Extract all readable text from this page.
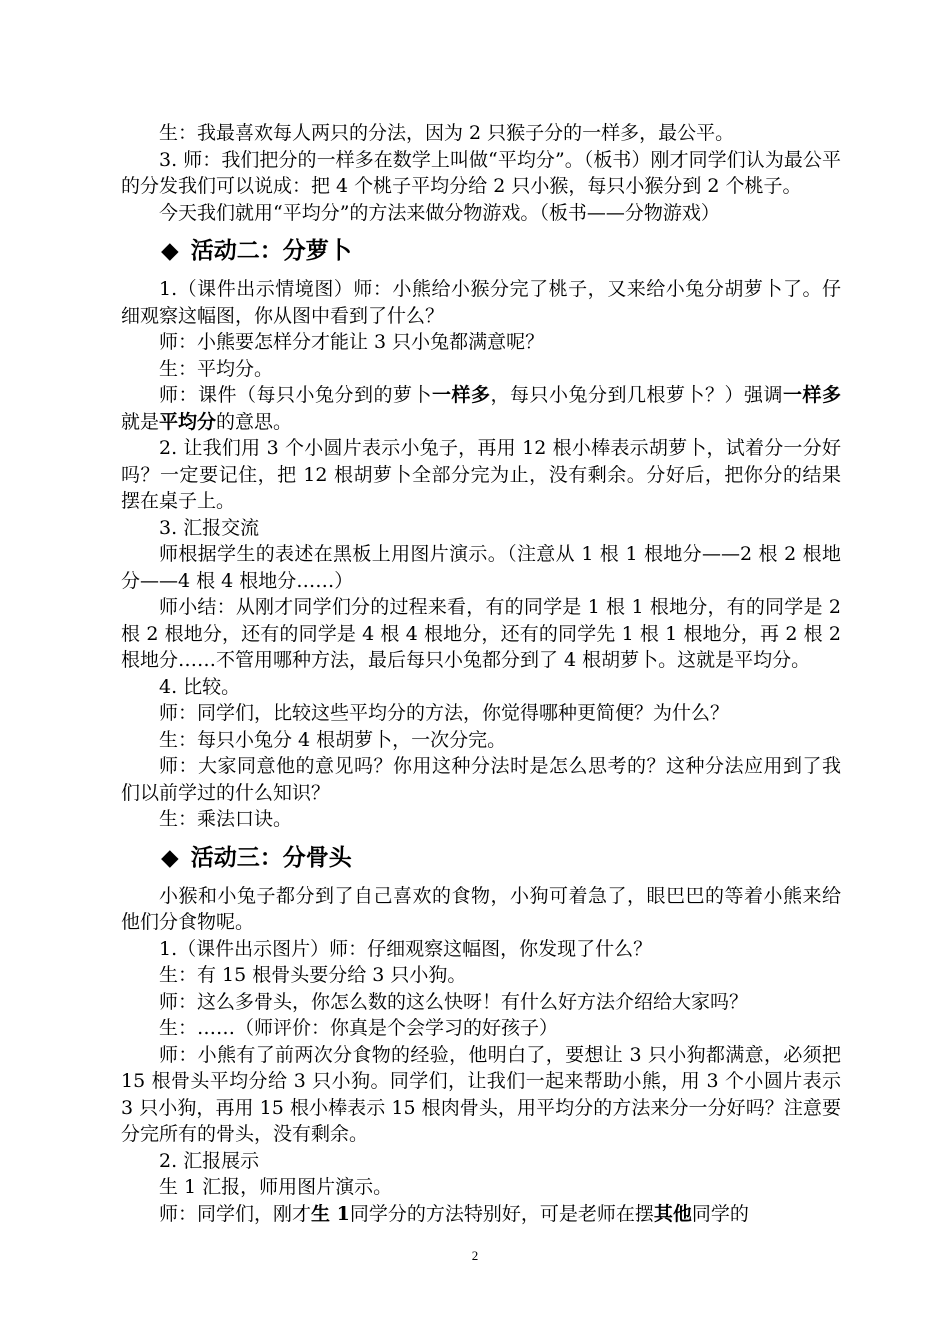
生：我最喜欢每人两只的分法，因为 2 只猴子分的一样多，最公平。

3. 师：我们把分的一样多在数学上叫做“平均分”。（板书）刚才同学们认为最公平的分发我们可以说成：把 4 个桃子平均分给 2 只小猴，每只小猴分到 2 个桃子。

今天我们就用“平均分”的方法来做分物游戏。（板书——分物游戏）

◆ 活动二：分萝卜

1.（课件出示情境图）师：小熊给小猴分完了桃子，又来给小兔分胡萝卜了。仔细观察这幅图，你从图中看到了什么？

师：小熊要怎样分才能让 3 只小兔都满意呢？

生：平均分。

师：课件（每只小兔分到的萝卜一样多，每只小兔分到几根萝卜？）强调一样多就是平均分的意思。

2. 让我们用 3 个小圆片表示小兔子，再用 12 根小棒表示胡萝卜，试着分一分好吗？一定要记住，把 12 根胡萝卜全部分完为止，没有剩余。分好后，把你分的结果摆在桌子上。

3. 汇报交流

师根据学生的表述在黑板上用图片演示。（注意从 1 根 1 根地分——2 根 2 根地分——4 根 4 根地分……）

师小结：从刚才同学们分的过程来看，有的同学是 1 根 1 根地分，有的同学是 2 根 2 根地分，还有的同学是 4 根 4 根地分，还有的同学先 1 根 1 根地分，再 2 根 2 根地分……不管用哪种方法，最后每只小兔都分到了 4 根胡萝卜。这就是平均分。

4. 比较。

师：同学们，比较这些平均分的方法，你觉得哪种更简便？为什么？

生：每只小兔分 4 根胡萝卜，一次分完。

师：大家同意他的意见吗？你用这种分法时是怎么思考的？这种分法应用到了我们以前学过的什么知识？

生：乘法口诀。

◆ 活动三：分骨头

小猴和小兔子都分到了自己喜欢的食物，小狗可着急了，眼巴巴的等着小熊来给他们分食物呢。

1.（课件出示图片）师：仔细观察这幅图，你发现了什么？

生：有 15 根骨头要分给 3 只小狗。

师：这么多骨头，你怎么数的这么快呀！有什么好方法介绍给大家吗？

生：……（师评价：你真是个会学习的好孩子）

师：小熊有了前两次分食物的经验，他明白了，要想让 3 只小狗都满意，必须把 15 根骨头平均分给 3 只小狗。同学们，让我们一起来帮助小熊，用 3 个小圆片表示 3 只小狗，再用 15 根小棒表示 15 根肉骨头，用平均分的方法来分一分好吗？注意要分完所有的骨头，没有剩余。

2. 汇报展示

生 1 汇报，师用图片演示。

师：同学们，刚才生 1同学分的方法特别好，可是老师在摆其他同学的

2
